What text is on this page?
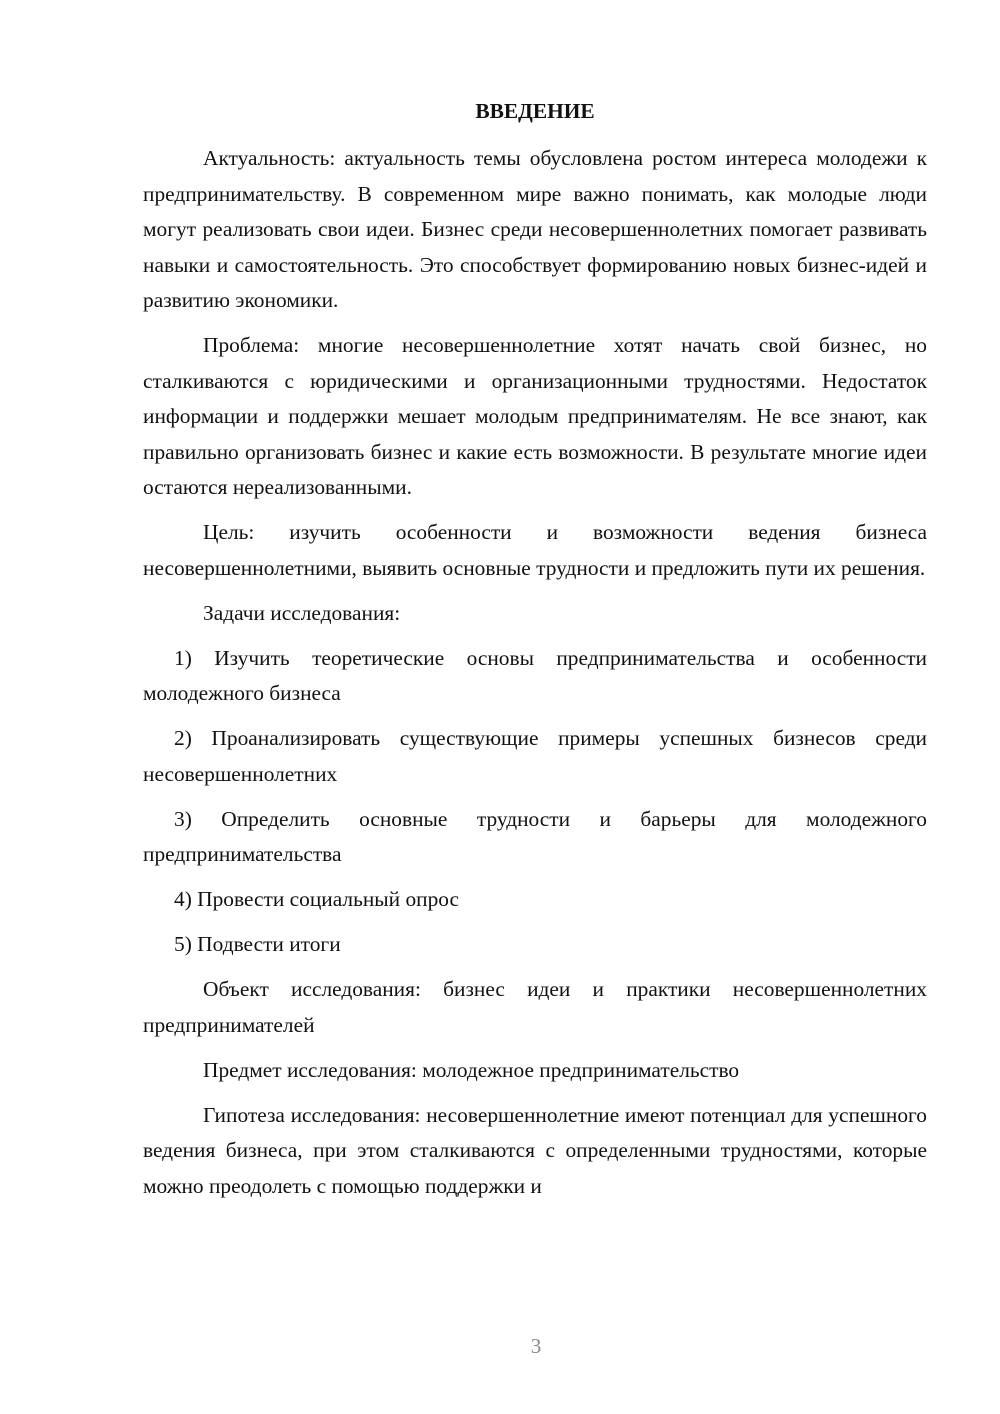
ВВЕДЕНИЕ

Актуальность: актуальность темы обусловлена ростом интереса молодежи к предпринимательству. В современном мире важно понимать, как молодые люди могут реализовать свои идеи. Бизнес среди несовершеннолетних помогает развивать навыки и самостоятельность. Это способствует формированию новых бизнес-идей и развитию экономики.

Проблема: многие несовершеннолетние хотят начать свой бизнес, но сталкиваются с юридическими и организационными трудностями. Недостаток информации и поддержки мешает молодым предпринимателям. Не все знают, как правильно организовать бизнес и какие есть возможности. В результате многие идеи остаются нереализованными.

Цель: изучить особенности и возможности ведения бизнеса несовершеннолетними, выявить основные трудности и предложить пути их решения.

Задачи исследования:

1) Изучить теоретические основы предпринимательства и особенности молодежного бизнеса

2) Проанализировать существующие примеры успешных бизнесов среди несовершеннолетних

3) Определить основные трудности и барьеры для молодежного предпринимательства

4) Провести социальный опрос

5) Подвести итоги

Объект исследования: бизнес идеи и практики несовершеннолетних предпринимателей

Предмет исследования: молодежное предпринимательство

Гипотеза исследования: несовершеннолетние имеют потенциал для успешного ведения бизнеса, при этом сталкиваются с определенными трудностями, которые можно преодолеть с помощью поддержки и

3
